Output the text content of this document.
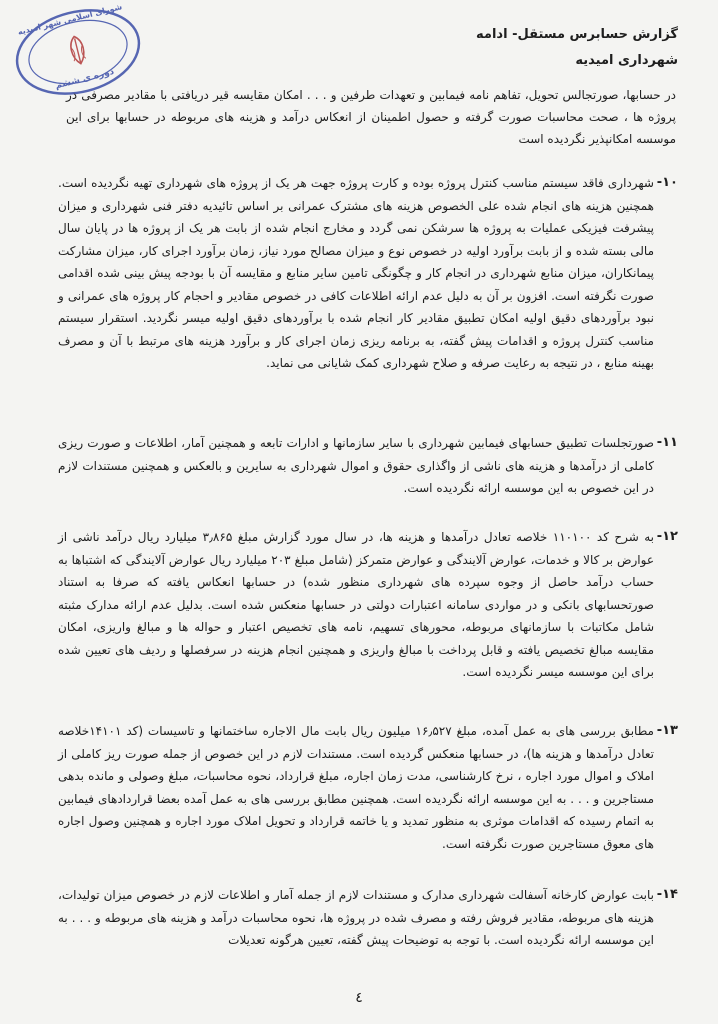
شورای اسلامی شهر امیدیه
دوره ی ششم
گزارش حسابرس مستقل- ادامه
شهرداری امیدیه

در حسابها، صورتجالس تحویل، تفاهم نامه فیمابین و تعهدات طرفین و . . . امکان مقایسه قیر دریافتی با مقادیر مصرفی در پروژه ها ، صحت محاسبات صورت گرفته و حصول اطمینان از انعکاس درآمد و هزینه های مربوطه در حسابها برای این موسسه امکانپذیر نگردیده است

۱۰-
شهرداری فاقد سیستم مناسب کنترل پروژه بوده و کارت پروژه جهت هر یک از پروژه های شهرداری تهیه نگردیده است. همچنین هزینه های انجام شده علی الخصوص هزینه های مشترک عمرانی بر اساس تائیدیه دفتر فنی شهرداری و میزان پیشرفت فیزیکی عملیات به پروژه ها سرشکن نمی گردد و مخارج انجام شده از بابت هر یک از پروژه ها در پایان سال مالی بسته شده و از بابت برآورد اولیه در خصوص نوع و میزان مصالح مورد نیاز، زمان برآورد اجرای کار، میزان مشارکت پیمانکاران، میزان منابع شهرداری در انجام کار و چگونگی تامین سایر منابع و مقایسه آن با بودجه پیش بینی شده اقدامی صورت نگرفته است. افزون بر آن به دلیل عدم ارائه اطلاعات کافی در خصوص مقادیر و احجام کار پروژه های عمرانی و نبود برآوردهای دقیق اولیه امکان تطبیق مقادیر کار انجام شده با برآوردهای دقیق اولیه میسر نگردید. استقرار سیستم مناسب کنترل پروژه و اقدامات پیش گفته، به برنامه ریزی زمان اجرای کار و برآورد هزینه های مرتبط با آن و مصرف بهینه منابع ، در نتیجه به رعایت صرفه و صلاح شهرداری کمک شایانی می نماید.
۱۱-
صورتجلسات تطبیق حسابهای فیمابین شهرداری با سایر سازمانها و ادارات تابعه و همچنین آمار، اطلاعات و صورت ریزی کاملی از درآمدها و هزینه های ناشی از واگذاری حقوق و اموال شهرداری به سایرین و بالعکس و همچنین مستندات لازم در این خصوص به این موسسه ارائه نگردیده است.
۱۲-
به شرح کد ۱۱۰۱۰۰ خلاصه تعادل درآمدها و هزینه ها، در سال مورد گزارش مبلغ ۳٫۸۶۵ میلیارد ریال درآمد ناشی از عوارض بر کالا و خدمات، عوارض آلایندگی و عوارض متمرکز (شامل مبلغ ۲۰۳ میلیارد ریال عوارض آلایندگی که اشتباها به حساب درآمد حاصل از وجوه سپرده های شهرداری منظور شده) در حسابها انعکاس یافته که صرفا به استناد صورتحسابهای بانکی و در مواردی سامانه اعتبارات دولتی در حسابها منعکس شده است. بدلیل عدم ارائه مدارک مثبته شامل مکاتبات با سازمانهای مربوطه، محورهای تسهیم، نامه های تخصیص اعتبار و حواله ها و مبالغ واریزی، امکان مقایسه مبالغ تخصیص یافته و قابل پرداخت با مبالغ واریزی و همچنین انجام هزینه در سرفصلها و ردیف های تعیین شده برای این موسسه میسر نگردیده است.
۱۳-
مطابق بررسی های به عمل آمده، مبلغ ۱۶٫۵۲۷ میلیون ریال بابت مال الاجاره ساختمانها و تاسیسات (کد ۱۴۱۰۱خلاصه تعادل درآمدها و هزینه ها)، در حسابها منعکس گردیده است. مستندات لازم در این خصوص از جمله صورت ریز کاملی از املاک و اموال مورد اجاره ، نرخ کارشناسی، مدت زمان اجاره، مبلغ قرارداد، نحوه محاسبات، مبلغ وصولی و مانده بدهی مستاجرین و . . . به این موسسه ارائه نگردیده است. همچنین مطابق بررسی های به عمل آمده بعضا قراردادهای فیمابین به اتمام رسیده که اقدامات موثری به منظور تمدید و یا خاتمه قرارداد و تحویل املاک مورد اجاره و همچنین وصول اجاره های معوق مستاجرین صورت نگرفته است.
۱۴-
بابت عوارض کارخانه آسفالت شهرداری مدارک و مستندات لازم از جمله آمار و اطلاعات لازم در خصوص میزان تولیدات، هزینه های مربوطه، مقادیر فروش رفته و مصرف شده در پروژه ها، نحوه محاسبات درآمد و هزینه های مربوطه و . . . به این موسسه ارائه نگردیده است. با توجه به توضیحات پیش گفته، تعیین هرگونه تعدیلات
٤
